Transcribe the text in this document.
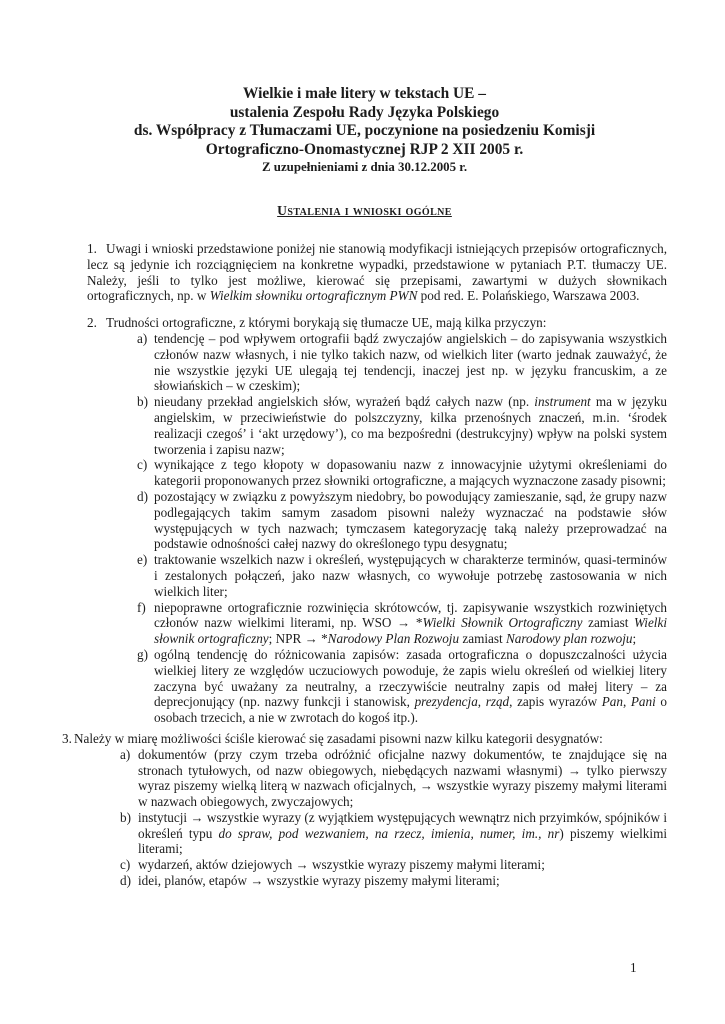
Wielkie i małe litery w tekstach UE –
ustalenia Zespołu Rady Języka Polskiego
ds. Współpracy z Tłumaczami UE, poczynione na posiedzeniu Komisji
Ortograficzno-Onomastycznej RJP 2 XII 2005 r.
Z uzupełnieniami z dnia 30.12.2005 r.
Ustalenia i wnioski ogólne

1. Uwagi i wnioski przedstawione poniżej nie stanowią modyfikacji istniejących przepisów ortograficznych, lecz są jedynie ich rozciągnięciem na konkretne wypadki, przedstawione w pytaniach P.T. tłumaczy UE. Należy, jeśli to tylko jest możliwe, kierować się przepisami, zawartymi w dużych słownikach ortograficznych, np. w Wielkim słowniku ortograficznym PWN pod red. E. Polańskiego, Warszawa 2003.

2. Trudności ortograficzne, z którymi borykają się tłumacze UE, mają kilka przyczyn:

a) tendencję – pod wpływem ortografii bądź zwyczajów angielskich – do zapisywania wszystkich członów nazw własnych, i nie tylko takich nazw, od wielkich liter (warto jednak zauważyć, że nie wszystkie języki UE ulegają tej tendencji, inaczej jest np. w języku francuskim, a ze słowiańskich – w czeskim);

b) nieudany przekład angielskich słów, wyrażeń bądź całych nazw (np. instrument ma w języku angielskim, w przeciwieństwie do polszczyzny, kilka przenośnych znaczeń, m.in. ‘środek realizacji czegoś’ i ‘akt urzędowy’), co ma bezpośredni (destrukcyjny) wpływ na polski system tworzenia i zapisu nazw;

c) wynikające z tego kłopoty w dopasowaniu nazw z innowacyjnie użytymi określeniami do kategorii proponowanych przez słowniki ortograficzne, a mających wyznaczone zasady pisowni;

d) pozostający w związku z powyższym niedobry, bo powodujący zamieszanie, sąd, że grupy nazw podlegających takim samym zasadom pisowni należy wyznaczać na podstawie słów występujących w tych nazwach; tymczasem kategoryzację taką należy przeprowadzać na podstawie odnośności całej nazwy do określonego typu desygnatu;

e) traktowanie wszelkich nazw i określeń, występujących w charakterze terminów, quasi-terminów i zestalonych połączeń, jako nazw własnych, co wywołuje potrzebę zastosowania w nich wielkich liter;

f) niepoprawne ortograficznie rozwinięcia skrótowców, tj. zapisywanie wszystkich rozwiniętych członów nazw wielkimi literami, np. WSO → *Wielki Słownik Ortograficzny zamiast Wielki słownik ortograficzny; NPR → *Narodowy Plan Rozwoju zamiast Narodowy plan rozwoju;

g) ogólną tendencję do różnicowania zapisów: zasada ortograficzna o dopuszczalności użycia wielkiej litery ze względów uczuciowych powoduje, że zapis wielu określeń od wielkiej litery zaczyna być uważany za neutralny, a rzeczywiście neutralny zapis od małej litery – za deprecjonujący (np. nazwy funkcji i stanowisk, prezydencja, rząd, zapis wyrazów Pan, Pani o osobach trzecich, a nie w zwrotach do kogoś itp.).

3. Należy w miarę możliwości ściśle kierować się zasadami pisowni nazw kilku kategorii desygnatów:

a) dokumentów (przy czym trzeba odróżnić oficjalne nazwy dokumentów, te znajdujące się na stronach tytułowych, od nazw obiegowych, niebędących nazwami własnymi) → tylko pierwszy wyraz piszemy wielką literą w nazwach oficjalnych, → wszystkie wyrazy piszemy małymi literami w nazwach obiegowych, zwyczajowych;

b) instytucji → wszystkie wyrazy (z wyjątkiem występujących wewnątrz nich przyimków, spójników i określeń typu do spraw, pod wezwaniem, na rzecz, imienia, numer, im., nr) piszemy wielkimi literami;

c) wydarzeń, aktów dziejowych → wszystkie wyrazy piszemy małymi literami;

d) idei, planów, etapów → wszystkie wyrazy piszemy małymi literami;

1
